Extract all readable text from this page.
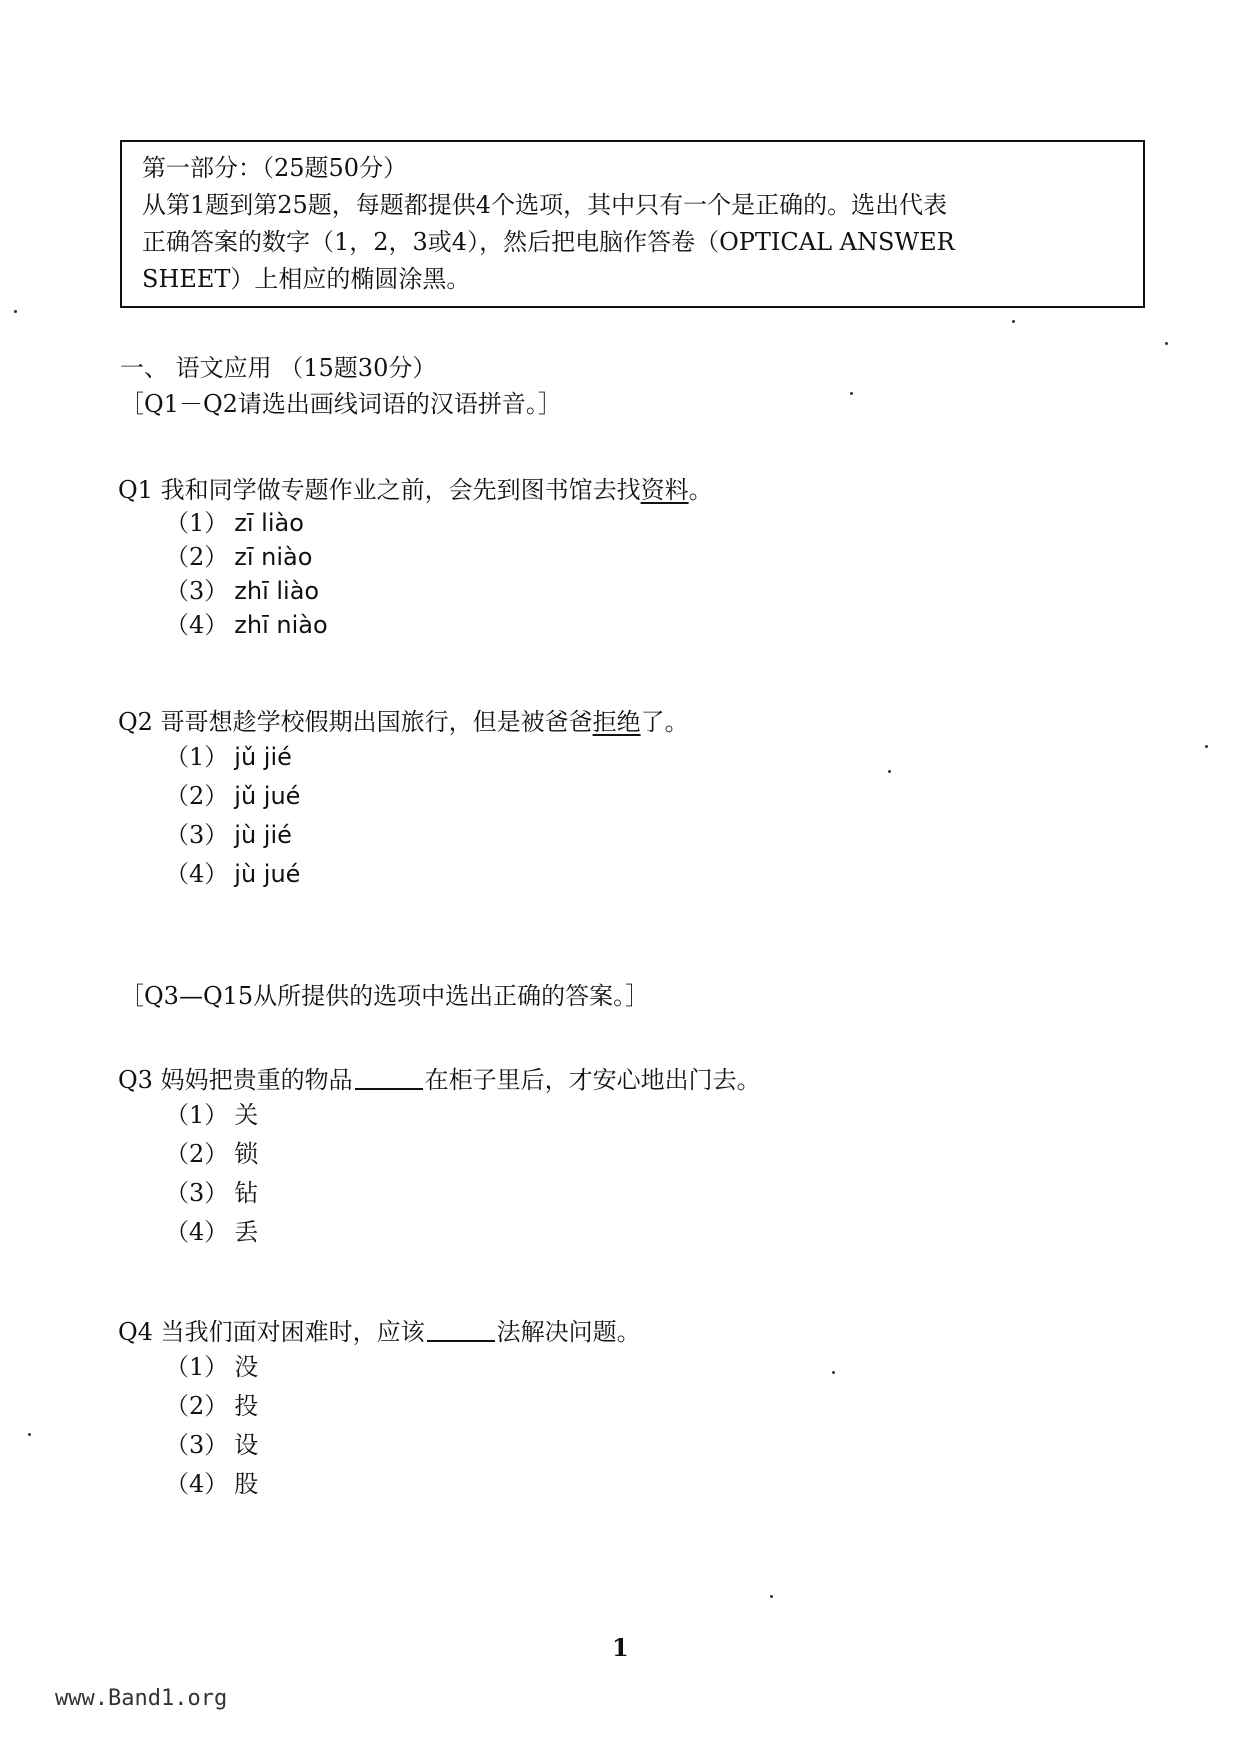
第一部分：（25题50分）
从第1题到第25题，每题都提供4个选项，其中只有一个是正确的。选出代表
正确答案的数字（1，2，3或4），然后把电脑作答卷（OPTICAL ANSWER
SHEET）上相应的椭圆涂黑。
一、 语文应用 （15题30分）
［Q1－Q2请选出画线词语的汉语拼音。］
Q1 我和同学做专题作业之前，会先到图书馆去找资料。
（1） zī liào
（2） zī niào
（3） zhī liào
（4） zhī niào
Q2 哥哥想趁学校假期出国旅行，但是被爸爸拒绝了。
（1） jǔ jié
（2） jǔ jué
（3） jù jié
（4） jù jué
［Q3—Q15从所提供的选项中选出正确的答案。］
Q3 妈妈把贵重的物品	在柜子里后，才安心地出门去。
（1） 关
（2） 锁
（3） 钻
（4） 丢
Q4 当我们面对困难时，应该	法解决问题。
（1） 没
（2） 投
（3） 设
（4） 股
1
www.Band1.org
